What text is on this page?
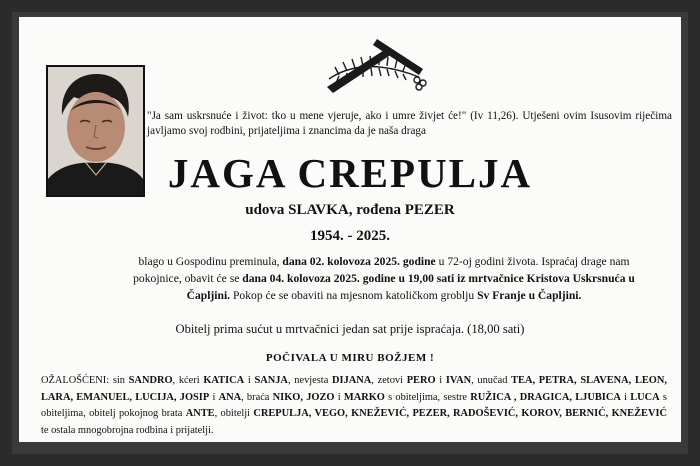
"Ja sam uskrsnuće i život: tko u mene vjeruje, ako i umre živjet će!" (Iv 11,26). Utješeni ovim Isusovim riječima javljamo svoj rodbini, prijateljima i znancima da je naša draga
JAGA CREPULJA
udova SLAVKA, rođena PEZER
1954. - 2025.
blago u Gospodinu preminula, dana 02. kolovoza 2025. godine u 72-oj godini života. Ispraćaj drage nam pokojnice, obavit će se dana 04. kolovoza 2025. godine u 19,00 sati iz mrtvačnice Kristova Uskrsnuća u Čapljini. Pokop će se obaviti na mjesnom katoličkom groblju Sv Franje u Čapljini.
Obitelj prima sućut u mrtvačnici jedan sat prije ispraćaja. (18,00 sati)
POČIVALA U MIRU BOŽJEM !
OŽALOŠĆENI: sin SANDRO, kćeri KATICA i SANJA, nevjesta DIJANA, zetovi PERO i IVAN, unučad TEA, PETRA, SLAVENA, LEON, LARA, EMANUEL, LUCIJA, JOSIP i ANA, braća NIKO, JOZO i MARKO s obiteljima, sestre RUŽICA , DRAGICA, LJUBICA i LUCA s obiteljima, obitelj pokojnog brata ANTE, obitelji CREPULJA, VEGO, KNEŽEVIĆ, PEZER, RADOŠEVIĆ, KOROV, BERNIĆ, KNEŽEVIĆ te ostala mnogobrojna rodbina i prijatelji.
